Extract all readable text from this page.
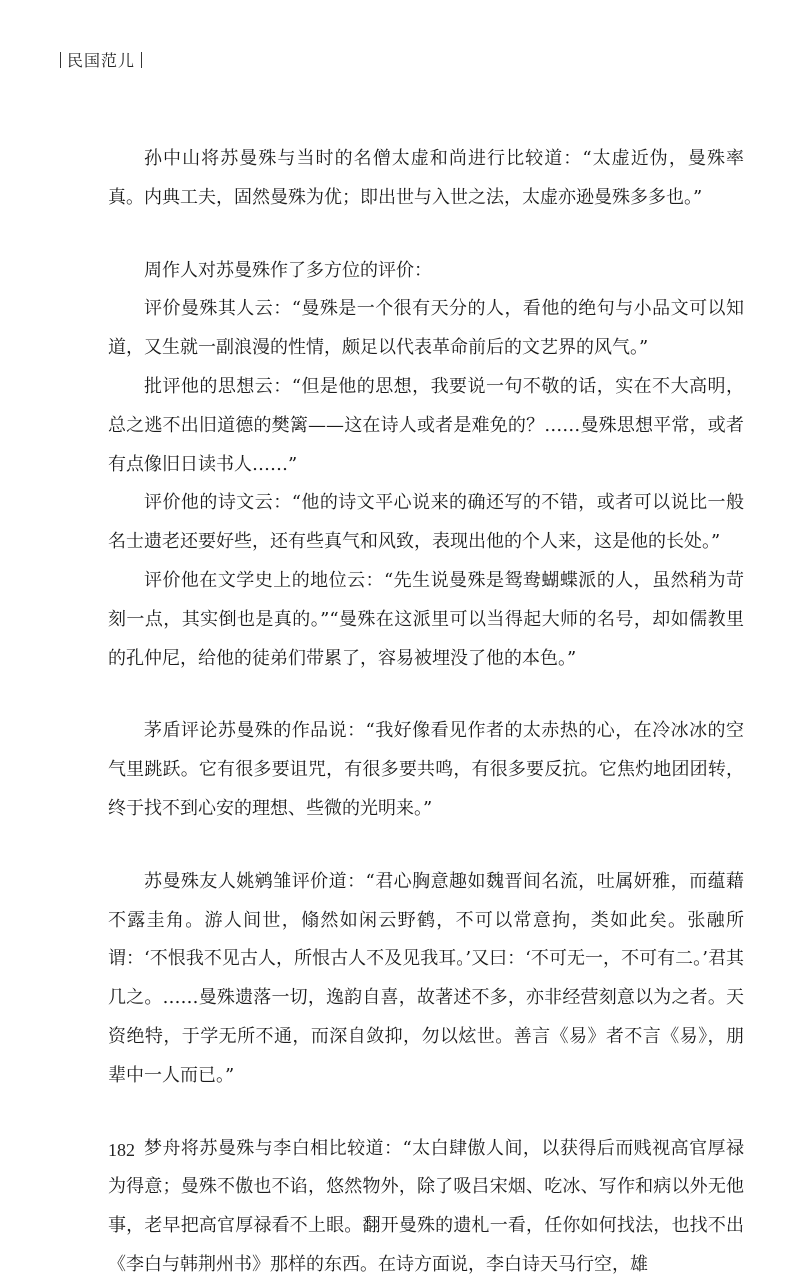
民国范儿

孙中山将苏曼殊与当时的名僧太虚和尚进行比较道：“太虚近伪，曼殊率真。内典工夫，固然曼殊为优；即出世与入世之法，太虚亦逊曼殊多多也。”

周作人对苏曼殊作了多方位的评价：

评价曼殊其人云：“曼殊是一个很有天分的人，看他的绝句与小品文可以知道，又生就一副浪漫的性情，颇足以代表革命前后的文艺界的风气。”

批评他的思想云：“但是他的思想，我要说一句不敬的话，实在不大高明，总之逃不出旧道德的樊篱——这在诗人或者是难免的？……曼殊思想平常，或者有点像旧日读书人……”

评价他的诗文云：“他的诗文平心说来的确还写的不错，或者可以说比一般名士遗老还要好些，还有些真气和风致，表现出他的个人来，这是他的长处。”

评价他在文学史上的地位云：“先生说曼殊是鸳鸯蝴蝶派的人，虽然稍为苛刻一点，其实倒也是真的。”“曼殊在这派里可以当得起大师的名号，却如儒教里的孔仲尼，给他的徒弟们带累了，容易被埋没了他的本色。”

茅盾评论苏曼殊的作品说：“我好像看见作者的太赤热的心，在冷冰冰的空气里跳跃。它有很多要诅咒，有很多要共鸣，有很多要反抗。它焦灼地团团转，终于找不到心安的理想、些微的光明来。”

苏曼殊友人姚鹓雏评价道：“君心胸意趣如魏晋间名流，吐属妍雅，而蕴藉不露圭角。游人间世，翛然如闲云野鹤，不可以常意拘，类如此矣。张融所谓：‘不恨我不见古人，所恨古人不及见我耳。’又曰：‘不可无一，不可有二。’君其几之。……曼殊遗落一切，逸韵自喜，故著述不多，亦非经营刻意以为之者。天资绝特，于学无所不通，而深自敛抑，勿以炫世。善言《易》者不言《易》，朋辈中一人而已。”

梦舟将苏曼殊与李白相比较道：“太白肆傲人间，以获得后而贱视高官厚禄为得意；曼殊不傲也不谄，悠然物外，除了吸吕宋烟、吃冰、写作和病以外无他事，老早把高官厚禄看不上眼。翻开曼殊的遗札一看，任你如何找法，也找不出《李白与韩荆州书》那样的东西。在诗方面说，李白诗天马行空，雄

182
